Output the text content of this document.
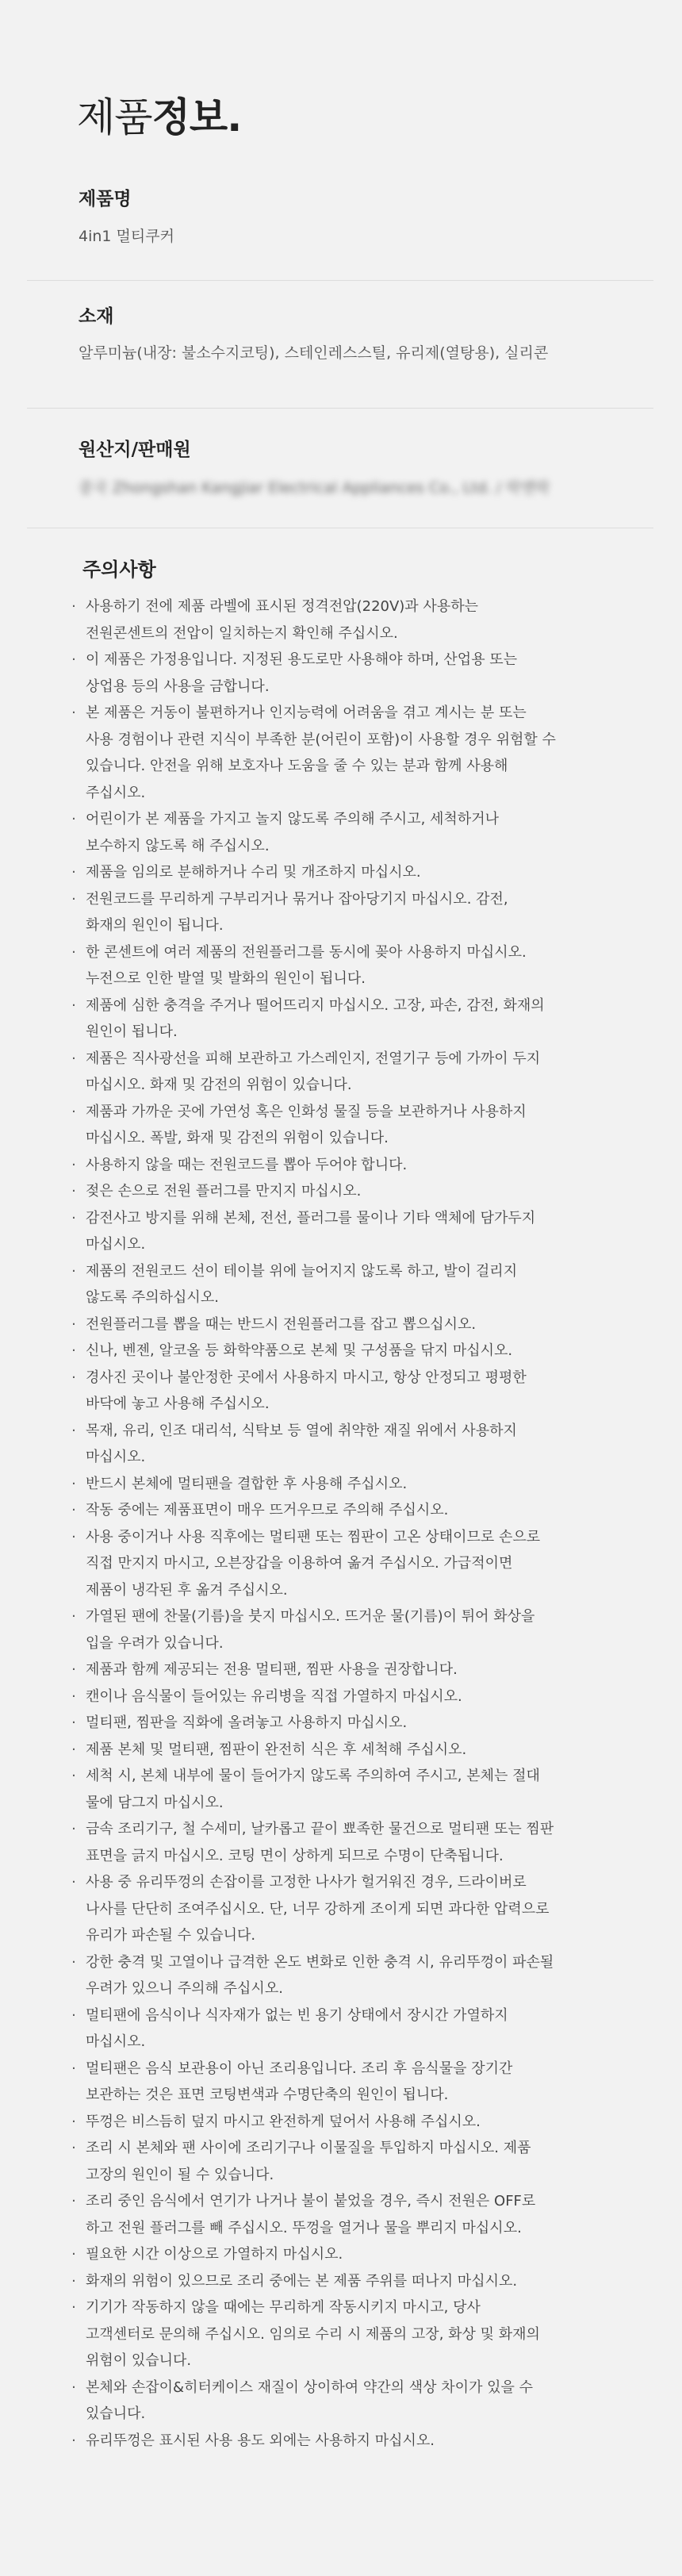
제품정보.
제품명
4in1 멀티쿠커
소재
알루미늄(내장: 불소수지코팅), 스테인레스스틸, 유리제(열탕용), 실리콘
원산지/판매원
중국 Zhongshan Kangjiar Electrical Appliances Co., Ltd. / 락앤락
주의사항
· 사용하기 전에 제품 라벨에 표시된 정격전압(220V)과 사용하는
전원콘센트의 전압이 일치하는지 확인해 주십시오.
· 이 제품은 가정용입니다. 지정된 용도로만 사용해야 하며, 산업용 또는
상업용 등의 사용을 금합니다.
· 본 제품은 거동이 불편하거나 인지능력에 어려움을 겪고 계시는 분 또는
사용 경험이나 관련 지식이 부족한 분(어린이 포함)이 사용할 경우 위험할 수
있습니다. 안전을 위해 보호자나 도움을 줄 수 있는 분과 함께 사용해
주십시오.
· 어린이가 본 제품을 가지고 놀지 않도록 주의해 주시고, 세척하거나
보수하지 않도록 해 주십시오.
· 제품을 임의로 분해하거나 수리 및 개조하지 마십시오.
· 전원코드를 무리하게 구부리거나 묶거나 잡아당기지 마십시오. 감전,
화재의 원인이 됩니다.
· 한 콘센트에 여러 제품의 전원플러그를 동시에 꽂아 사용하지 마십시오.
누전으로 인한 발열 및 발화의 원인이 됩니다.
· 제품에 심한 충격을 주거나 떨어뜨리지 마십시오. 고장, 파손, 감전, 화재의
원인이 됩니다.
· 제품은 직사광선을 피해 보관하고 가스레인지, 전열기구 등에 가까이 두지
마십시오. 화재 및 감전의 위험이 있습니다.
· 제품과 가까운 곳에 가연성 혹은 인화성 물질 등을 보관하거나 사용하지
마십시오. 폭발, 화재 및 감전의 위험이 있습니다.
· 사용하지 않을 때는 전원코드를 뽑아 두어야 합니다.
· 젖은 손으로 전원 플러그를 만지지 마십시오.
· 감전사고 방지를 위해 본체, 전선, 플러그를 물이나 기타 액체에 담가두지
마십시오.
· 제품의 전원코드 선이 테이블 위에 늘어지지 않도록 하고, 발이 걸리지
않도록 주의하십시오.
· 전원플러그를 뽑을 때는 반드시 전원플러그를 잡고 뽑으십시오.
· 신나, 벤젠, 알코올 등 화학약품으로 본체 및 구성품을 닦지 마십시오.
· 경사진 곳이나 불안정한 곳에서 사용하지 마시고, 항상 안정되고 평평한
바닥에 놓고 사용해 주십시오.
· 목재, 유리, 인조 대리석, 식탁보 등 열에 취약한 재질 위에서 사용하지
마십시오.
· 반드시 본체에 멀티팬을 결합한 후 사용해 주십시오.
· 작동 중에는 제품표면이 매우 뜨거우므로 주의해 주십시오.
· 사용 중이거나 사용 직후에는 멀티팬 또는 찜판이 고온 상태이므로 손으로
직접 만지지 마시고, 오븐장갑을 이용하여 옮겨 주십시오. 가급적이면
제품이 냉각된 후 옮겨 주십시오.
· 가열된 팬에 찬물(기름)을 붓지 마십시오. 뜨거운 물(기름)이 튀어 화상을
입을 우려가 있습니다.
· 제품과 함께 제공되는 전용 멀티팬, 찜판 사용을 권장합니다.
· 캔이나 음식물이 들어있는 유리병을 직접 가열하지 마십시오.
· 멀티팬, 찜판을 직화에 올려놓고 사용하지 마십시오.
· 제품 본체 및 멀티팬, 찜판이 완전히 식은 후 세척해 주십시오.
· 세척 시, 본체 내부에 물이 들어가지 않도록 주의하여 주시고, 본체는 절대
물에 담그지 마십시오.
· 금속 조리기구, 철 수세미, 날카롭고 끝이 뾰족한 물건으로 멀티팬 또는 찜판
표면을 긁지 마십시오. 코팅 면이 상하게 되므로 수명이 단축됩니다.
· 사용 중 유리뚜껑의 손잡이를 고정한 나사가 헐거워진 경우, 드라이버로
나사를 단단히 조여주십시오. 단, 너무 강하게 조이게 되면 과다한 압력으로
유리가 파손될 수 있습니다.
· 강한 충격 및 고열이나 급격한 온도 변화로 인한 충격 시, 유리뚜껑이 파손될
우려가 있으니 주의해 주십시오.
· 멀티팬에 음식이나 식자재가 없는 빈 용기 상태에서 장시간 가열하지
마십시오.
· 멀티팬은 음식 보관용이 아닌 조리용입니다. 조리 후 음식물을 장기간
보관하는 것은 표면 코팅변색과 수명단축의 원인이 됩니다.
· 뚜껑은 비스듬히 덮지 마시고 완전하게 덮어서 사용해 주십시오.
· 조리 시 본체와 팬 사이에 조리기구나 이물질을 투입하지 마십시오. 제품
고장의 원인이 될 수 있습니다.
· 조리 중인 음식에서 연기가 나거나 불이 붙었을 경우, 즉시 전원은 OFF로
하고 전원 플러그를 빼 주십시오. 뚜껑을 열거나 물을 뿌리지 마십시오.
· 필요한 시간 이상으로 가열하지 마십시오.
· 화재의 위험이 있으므로 조리 중에는 본 제품 주위를 떠나지 마십시오.
· 기기가 작동하지 않을 때에는 무리하게 작동시키지 마시고, 당사
고객센터로 문의해 주십시오. 임의로 수리 시 제품의 고장, 화상 및 화재의
위험이 있습니다.
· 본체와 손잡이&히터케이스 재질이 상이하여 약간의 색상 차이가 있을 수
있습니다.
· 유리뚜껑은 표시된 사용 용도 외에는 사용하지 마십시오.
